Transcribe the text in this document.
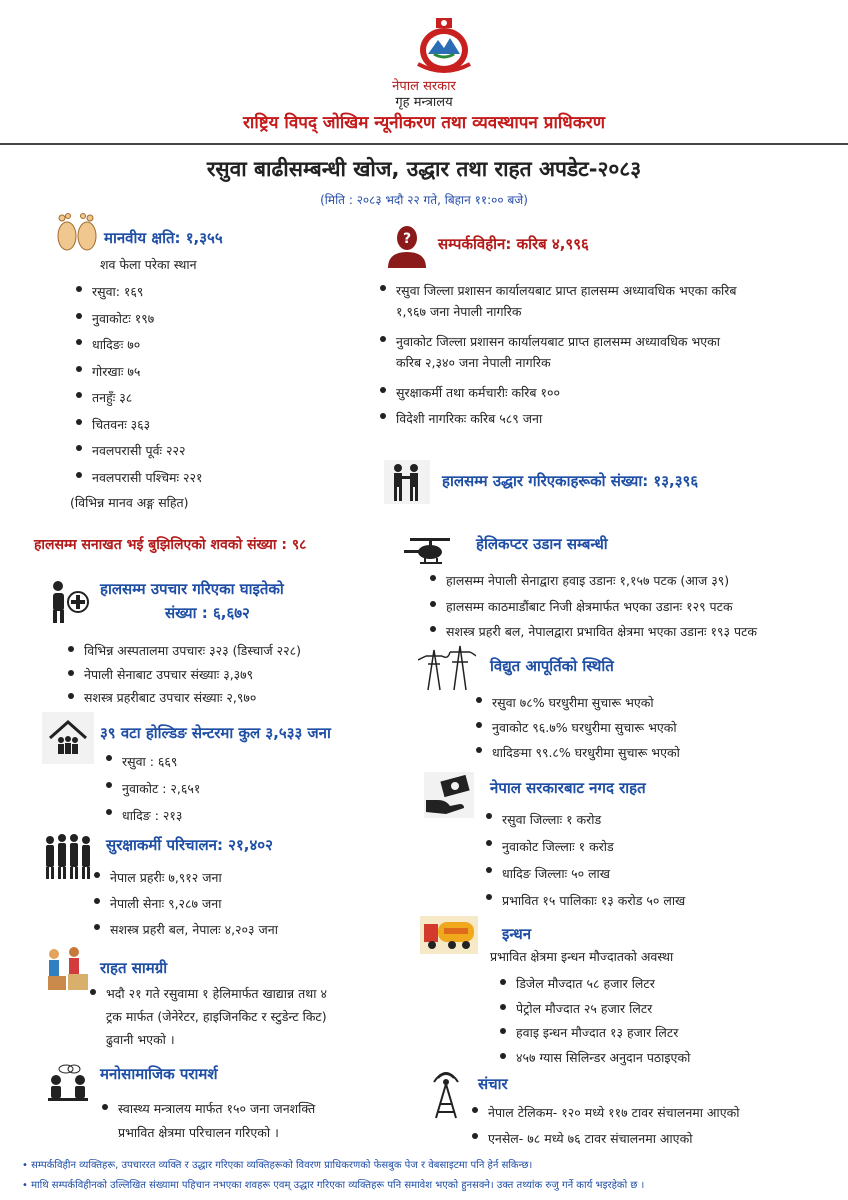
नेपाल सरकार
गृह मन्त्रालय
राष्ट्रिय विपद् जोखिम न्यूनीकरण तथा व्यवस्थापन प्राधिकरण
रसुवा बाढीसम्बन्धी खोज, उद्धार तथा राहत अपडेट-२०८३
(मिति : २०८३ भदौ २२ गते, बिहान ११:०० बजे)
मानवीय क्षति: १,३५५
शव फेला परेका स्थान
रसुवा: १६९
नुवाकोटः १९७
धादिङः ७०
गोरखाः ७५
तनहुँः ३८
चितवनः ३६३
नवलपरासी पूर्वः २२२
नवलपरासी पश्चिमः २२१
(विभिन्न मानव अङ्ग सहित)
हालसम्म सनाखत भई बुझिलिएको शवको संख्या : ९८
हालसम्म उपचार गरिएका घाइतेको
संख्या : ६,६७२
विभिन्न अस्पतालमा उपचारः ३२३ (डिस्चार्ज २२८)
नेपाली सेनाबाट उपचार संख्याः ३,३७९
सशस्त्र प्रहरीबाट उपचार संख्याः २,९७०
३९ वटा होल्डिङ सेन्टरमा कुल ३,५३३ जना
रसुवा : ६६९
नुवाकोट : २,६५१
धादिङ : २१३
सुरक्षाकर्मी परिचालन: २१,४०२
नेपाल प्रहरीः ७,९१२ जना
नेपाली सेनाः ९,२८७ जना
सशस्त्र प्रहरी बल, नेपालः ४,२०३ जना
राहत सामग्री
भदौ २१ गते रसुवामा १ हेलिमार्फत खाद्यान्न तथा ४
ट्रक मार्फत (जेनेरेटर, हाइजिनकिट र स्टुडेन्ट किट)
ढुवानी भएको ।
मनोसामाजिक परामर्श
स्वास्थ्य मन्त्रालय मार्फत १५० जना जनशक्ति
प्रभावित क्षेत्रमा परिचालन गरिएको ।
? सम्पर्कविहीन: करिब ४,९९६
रसुवा जिल्ला प्रशासन कार्यालयबाट प्राप्त हालसम्म अध्यावधिक भएका करिब
१,९६७ जना नेपाली नागरिक
नुवाकोट जिल्ला प्रशासन कार्यालयबाट प्राप्त हालसम्म अध्यावधिक भएका
करिब २,३४० जना नेपाली नागरिक
सुरक्षाकर्मी तथा कर्मचारीः करिब १००
विदेशी नागरिकः करिब ५८९ जना
हालसम्म उद्धार गरिएकाहरूको संख्या: १३,३९६
हेलिकप्टर उडान सम्बन्धी
हालसम्म नेपाली सेनाद्वारा हवाइ उडानः १,१५७ पटक (आज ३९)
हालसम्म काठमाडौंबाट निजी क्षेत्रमार्फत भएका उडानः १२९ पटक
सशस्त्र प्रहरी बल, नेपालद्वारा प्रभावित क्षेत्रमा भएका उडानः १९३ पटक
विद्युत आपूर्तिको स्थिति
रसुवा ७८% घरधुरीमा सुचारू भएको
नुवाकोट ९६.७% घरधुरीमा सुचारू भएको
धादिङमा ९९.८% घरधुरीमा सुचारू भएको
नेपाल सरकारबाट नगद राहत
रसुवा जिल्लाः १ करोड
नुवाकोट जिल्लाः १ करोड
धादिङ जिल्लाः ५० लाख
प्रभावित १५ पालिकाः १३ करोड ५० लाख
इन्धन
प्रभावित क्षेत्रमा इन्धन मौज्दातको अवस्था
डिजेल मौज्दात ५८ हजार लिटर
पेट्रोल मौज्दात २५ हजार लिटर
हवाइ इन्धन मौज्दात १३ हजार लिटर
४५७ ग्यास सिलिन्डर अनुदान पठाइएको
संचार
नेपाल टेलिकम- १२० मध्ये ११७ टावर संचालनमा आएको
एनसेल- ७८ मध्ये ७६ टावर संचालनमा आएको
• सम्पर्कविहीन व्यक्तिहरू, उपचाररत व्यक्ति र उद्धार गरिएका व्यक्तिहरूको विवरण प्राधिकरणको फेसबुक पेज र वेबसाइटमा पनि हेर्न सकिन्छ।
• माथि सम्पर्कविहीनको उल्लिखित संख्यामा पहिचान नभएका शवहरू एवम् उद्धार गरिएका व्यक्तिहरू पनि समावेश भएको हुनसक्ने। उक्त तथ्यांक रुजु गर्ने कार्य भइरहेको छ ।
